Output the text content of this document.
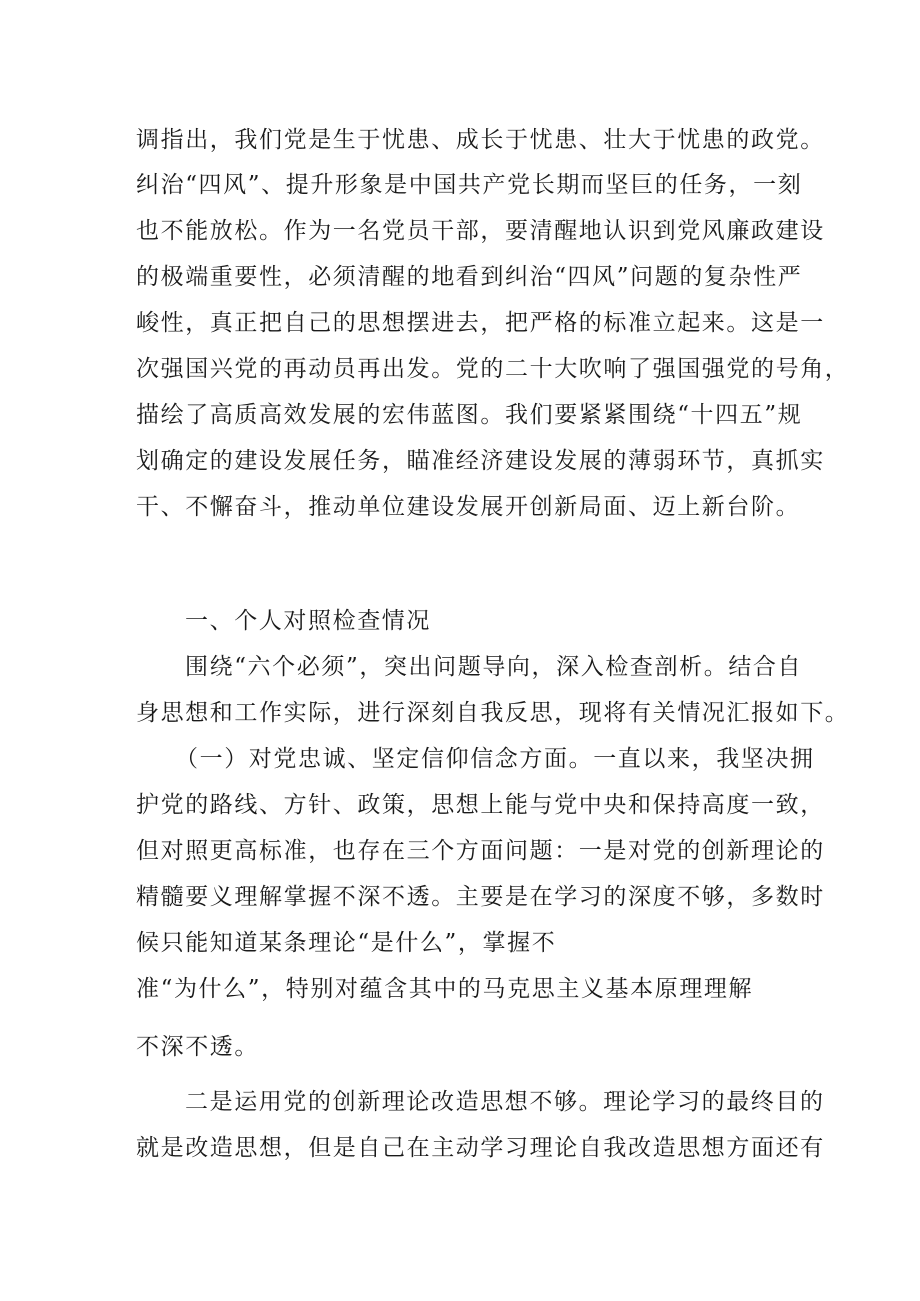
调指出，我们党是生于忧患、成长于忧患、壮大于忧患的政党。
纠治“四风”、提升形象是中国共产党长期而坚巨的任务，一刻
也不能放松。作为一名党员干部，要清醒地认识到党风廉政建设
的极端重要性，必须清醒的地看到纠治“四风”问题的复杂性严
峻性，真正把自己的思想摆进去，把严格的标准立起来。这是一
次强国兴党的再动员再出发。党的二十大吹响了强国强党的号角，
描绘了高质高效发展的宏伟蓝图。我们要紧紧围绕“十四五”规
划确定的建设发展任务，瞄准经济建设发展的薄弱环节，真抓实
干、不懈奋斗，推动单位建设发展开创新局面、迈上新台阶。
一、个人对照检查情况
围绕“六个必须”，突出问题导向，深入检查剖析。结合自
身思想和工作实际，进行深刻自我反思，现将有关情况汇报如下。
（一）对党忠诚、坚定信仰信念方面。一直以来，我坚决拥
护党的路线、方针、政策，思想上能与党中央和保持高度一致，
但对照更高标准，也存在三个方面问题：一是对党的创新理论的
精髓要义理解掌握不深不透。主要是在学习的深度不够，多数时
候只能知道某条理论“是什么”，掌握不
准“为什么”，特别对蕴含其中的马克思主义基本原理理解
不深不透。
二是运用党的创新理论改造思想不够。理论学习的最终目的
就是改造思想，但是自己在主动学习理论自我改造思想方面还有
